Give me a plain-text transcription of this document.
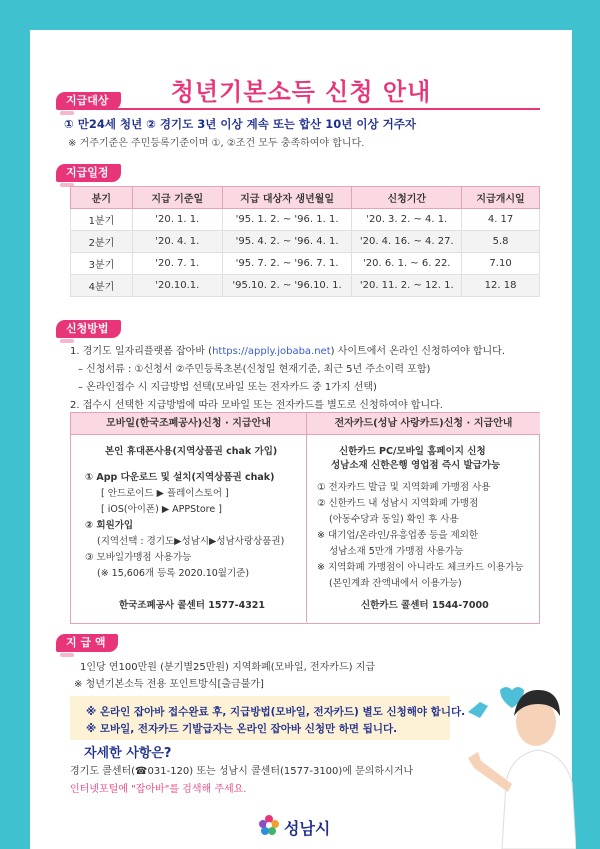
청년기본소득 신청 안내
지급대상
① 만24세 청년 ② 경기도 3년 이상 계속 또는 합산 10년 이상 거주자
※ 거주기준은 주민등록기준이며 ①, ②조건 모두 충족하여야 합니다.
지급일정
분기	지급 기준일	지급 대상자 생년월일	신청기간	지급개시일
1분기	'20. 1. 1.	'95. 1. 2. ~ '96. 1. 1.	'20. 3. 2. ~ 4. 1.	4. 17
2분기	'20. 4. 1.	'95. 4. 2. ~ '96. 4. 1.	'20. 4. 16. ~ 4. 27.	5.8
3분기	'20. 7. 1.	'95. 7. 2. ~ '96. 7. 1.	'20. 6. 1. ~ 6. 22.	7.10
4분기	'20.10.1.	'95.10. 2. ~ '96.10. 1.	'20. 11. 2. ~ 12. 1.	12. 18
신청방법
1. 경기도 일자리플랫폼 잡아바 (https://apply.jobaba.net) 사이트에서 온라인 신청하여야 합니다.
– 신청서류 : ①신청서 ②주민등록초본(신청일 현재기준, 최근 5년 주소이력 포함)
– 온라인접수 시 지급방법 선택(모바일 또는 전자카드 중 1가지 선택)
2. 접수시 선택한 지급방법에 따라 모바일 또는 전자카드를 별도로 신청하여야 합니다.
모바일(한국조폐공사)신청 · 지급안내	전자카드(성남 사랑카드)신청 · 지급안내
본인 휴대폰사용(지역상품권 chak 가입)
① App 다운로드 및 설치(지역상품권 chak)
[ 안드로이드 ▶ 플레이스토어 ]
[ iOS(아이폰) ▶ APPStore ]
② 회원가입
(지역선택 : 경기도▶성남시▶성남사랑상품권)
③ 모바일가맹점 사용가능
(※ 15,606개 등록 2020.10월기준)
한국조폐공사 콜센터 1577-4321
신한카드 PC/모바일 홈페이지 신청
성남소재 신한은행 영업점 즉시 발급가능
① 전자카드 발급 및 지역화폐 가맹점 사용
② 신한카드 내 성남시 지역화폐 가맹점
(아동수당과 동일) 확인 후 사용
※ 대기업/온라인/유흥업종 등을 제외한
성남소재 5만개 가맹점 사용가능
※ 지역화폐 가맹점이 아니라도 체크카드 이용가능
(본인계좌 잔액내에서 이용가능)
신한카드 콜센터 1544-7000
지 급 액
1인당 연100만원 (분기별25만원) 지역화폐(모바일, 전자카드) 지급
※ 청년기본소득 전용 포인트방식[출금불가]
※ 온라인 잡아바 접수완료 후, 지급방법(모바일, 전자카드) 별도 신청해야 합니다.
※ 모바일, 전자카드 기발급자는 온라인 잡아바 신청만 하면 됩니다.
자세한 사항은?
경기도 콜센터(☎031-120) 또는 성남시 콜센터(1577-3100)에 문의하시거나
인터넷포털에 "잡아바"를 검색해 주세요.
성남시
